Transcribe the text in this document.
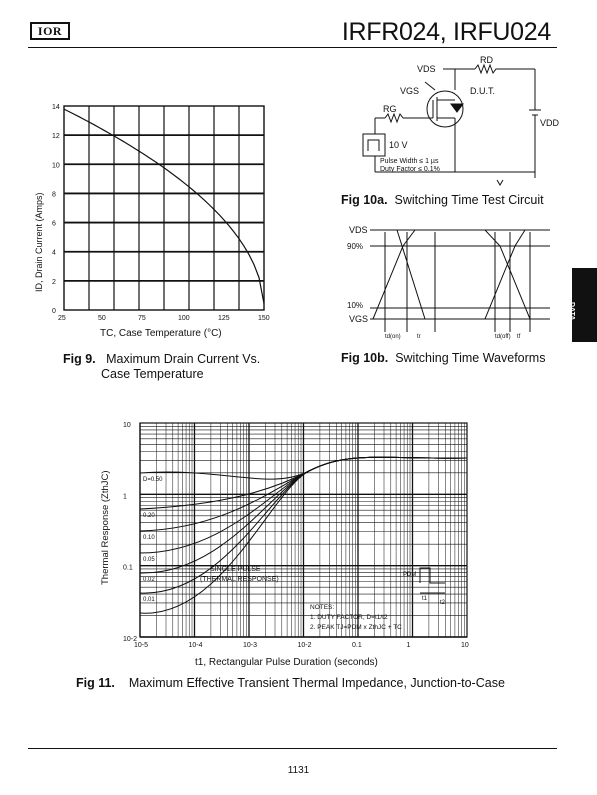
IOR	IRFR024, IRFU024
DATA
SHEETS
ID, Drain Current (Amps)
TC, Case Temperature (°C)
0
2
4
6
8
10
12
14
25	50	75	100	125	150
Fig 9. Maximum Drain Current Vs.
Case Temperature
VDS
RD
VGS
RG
D.U.T.
VDD
10 V
Pulse Width ≤ 1 µs
Duty Factor ≤ 0.1%
Fig 10a. Switching Time Test Circuit
VDS
90%
10%
VGS
td(on)	tr	td(off) tf
Fig 10b. Switching Time Waveforms
10
1
0.1
10-2
10-5	10-4	10-3	10-2	0.1	1	10
D=0.50
0.20
0.10
0.05
0.02
0.01
Thermal Response (ZthJC)
t1, Rectangular Pulse Duration (seconds)
SINGLE PULSE
(THERMAL RESPONSE)
NOTES:
1. DUTY FACTOR, D=t1/t2
2. PEAK TJ=PDM x ZthJC + TC
PDM
t1
t2
Fig 11. Maximum Effective Transient Thermal Impedance, Junction-to-Case
1131
